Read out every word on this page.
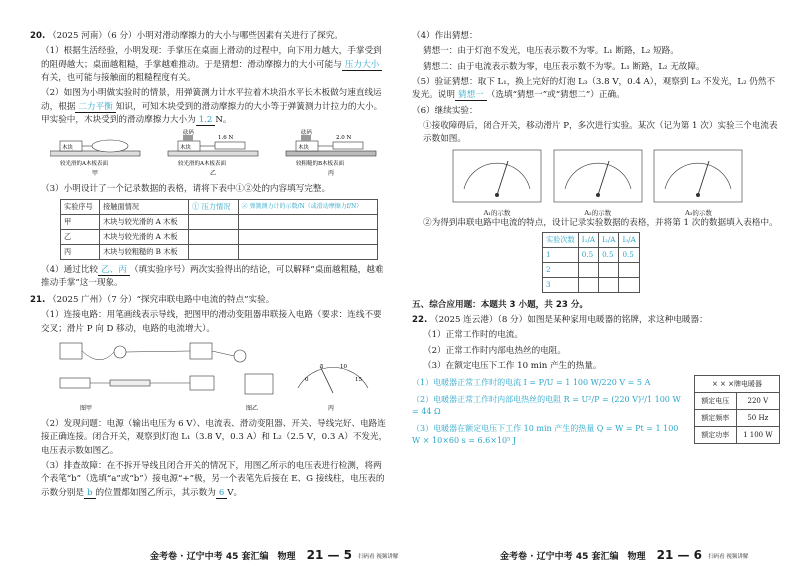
20. （2025 河南）（6 分）小明对滑动摩擦力的大小与哪些因素有关进行了探究。

（1）根据生活经验，小明发现：手掌压在桌面上滑动的过程中，向下用力越大，手掌受到的阻碍越大；桌面越粗糙，手掌越难推动。于是猜想：滑动摩擦力的大小可能与 压力大小有关，也可能与接触面的粗糙程度有关。

（2）如图为小明做实验时的情景，用弹簧测力计水平拉着木块沿水平长木板做匀速直线运动，根据 二力平衡 知识，可知木块受到的滑动摩擦力的大小等于弹簧测力计拉力的大小。甲实验中，木块受到的滑动摩擦力大小为 1.2 N。

木块
砝码
1.6 N
木块
砝码
2.0 N
木块
较光滑的A木板表面	较光滑的A木板表面	较粗糙的B木板表面
甲	乙	丙

（3）小明设计了一个记录数据的表格，请将下表中①②处的内容填写完整。

实验序号	接触面情况	① 压力情况	② 弹簧测力计的示数/N（或滑动摩擦力f/N）
甲	木块与较光滑的 A 木板		
乙	木块与较光滑的 A 木板		
丙	木块与较粗糙的 B 木板		

（4）通过比较 乙、丙 （填实验序号）两次实验得出的结论，可以解释“桌面越粗糙，越难推动手掌”这一现象。

21. （2025 广州）（7 分）“探究串联电路中电流的特点”实验。

（1）连接电路：用笔画线表示导线，把图甲的滑动变阻器串联接入电路（要求：连线不要交叉；滑片 P 向 D 移动，电路的电流增大）。

0
5	10
15
图甲	图乙	丙

（2）发现问题：电源（输出电压为 6 V）、电流表、滑动变阻器、开关、导线完好、电路连接正确连接。闭合开关，观察到灯泡 L₁（3.8 V，0.3 A）和 L₂（2.5 V，0.3 A）不发光，电压表示数如图乙。

（3）排查故障：在不拆开导线且闭合开关的情况下，用图乙所示的电压表进行检测，将两个表笔“b”（选填“a”或“b”）接电源“+”极，另一个表笔先后接在 E、G 接线柱，电压表的示数分别是 b 的位置都如图乙所示，其示数为 6 V。

（4）作出猜想：

猜想一：由于灯泡不发光，电压表示数不为零。L₁ 断路，L₂ 短路。

猜想二：由于电流表示数为零，电压表示数不为零。L₁ 断路，L₂ 无故障。

（5）验证猜想：取下 L₁，换上完好的灯泡 L₃（3.8 V，0.4 A），观察到 L₃ 不发光，L₂ 仍然不发光。说明 猜想一 （选填“猜想一”或“猜想二”）正确。

（6）继续实验：

①接收障碍后，闭合开关，移动滑片 P，多次进行实验。某次（记为第 1 次）实验三个电流表示数如图。

A₁的示数
	A₂的示数
	A₃的示数

②为得到串联电路中电流的特点，设计记录实验数据的表格，并将第 1 次的数据填入表格中。

实验次数	I₁/A	I₂/A	I₃/A
1	0.5	0.5	0.5
2			
3			

五、综合应用题：本题共 3 小题，共 23 分。

22. （2025 连云港）（8 分）如图是某种家用电暖器的铭牌，求这种电暖器：

（1）正常工作时的电流。

（2）正常工作时内部电热丝的电阻。

（3）在额定电压下工作 10 min 产生的热量。

（1）电暖器正常工作时的电流 I = P/U = 1 100 W/220 V = 5 A

（2）电暖器正常工作时内部电热丝的电阻 R = U²/P = (220 V)²/1 100 W = 44 Ω

（3）电暖器在额定电压下工作 10 min 产生的热量 Q = W = Pt = 1 100 W × 10×60 s = 6.6×10⁵ J

× × ×牌电暖器	
额定电压	220 V
额定频率	50 Hz
额定功率	1 100 W
金考卷 · 辽宁中考 45 套汇编　物理 21 — 5 扫码看 视频讲解	金考卷 · 辽宁中考 45 套汇编　物理 21 — 6 扫码看 视频讲解
